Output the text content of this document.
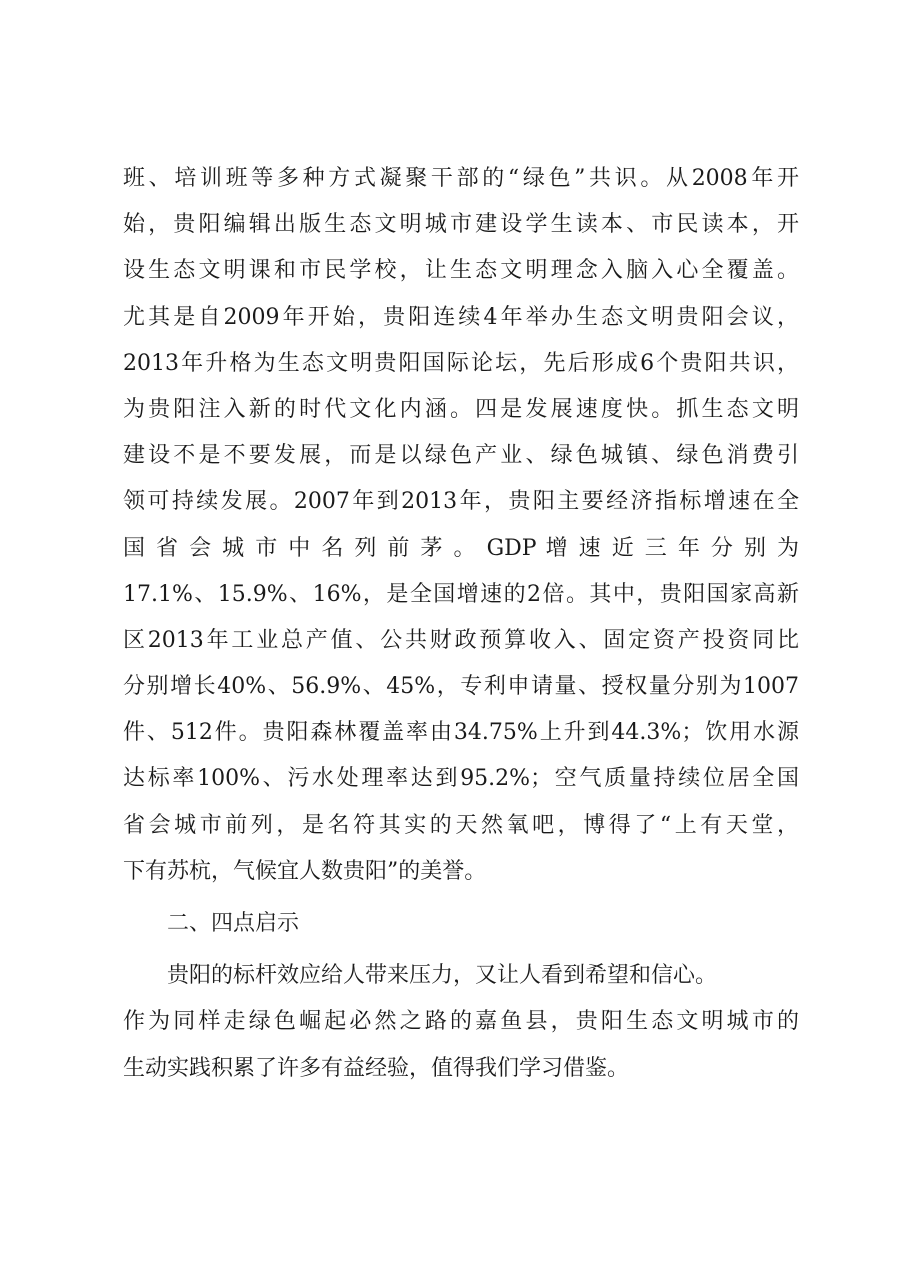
班、培训班等多种方式凝聚干部的“绿色”共识。从2008年开
始，贵阳编辑出版生态文明城市建设学生读本、市民读本，开
设生态文明课和市民学校，让生态文明理念入脑入心全覆盖。
尤其是自2009年开始，贵阳连续4年举办生态文明贵阳会议，
2013年升格为生态文明贵阳国际论坛，先后形成6个贵阳共识，
为贵阳注入新的时代文化内涵。四是发展速度快。抓生态文明
建设不是不要发展，而是以绿色产业、绿色城镇、绿色消费引
领可持续发展。2007年到2013年，贵阳主要经济指标增速在全
国 省 会 城 市 中 名 列 前 茅 。 GDP 增 速 近 三 年 分 别 为
17.1%、15.9%、16%，是全国增速的2倍。其中，贵阳国家高新
区2013年工业总产值、公共财政预算收入、固定资产投资同比
分别增长40%、56.9%、45%，专利申请量、授权量分别为1007
件、512件。贵阳森林覆盖率由34.75%上升到44.3%；饮用水源
达标率100%、污水处理率达到95.2%；空气质量持续位居全国
省会城市前列，是名符其实的天然氧吧，博得了“上有天堂，
下有苏杭，气候宜人数贵阳”的美誉。
二、四点启示
贵阳的标杆效应给人带来压力，又让人看到希望和信心。
作为同样走绿色崛起必然之路的嘉鱼县，贵阳生态文明城市的
生动实践积累了许多有益经验，值得我们学习借鉴。
